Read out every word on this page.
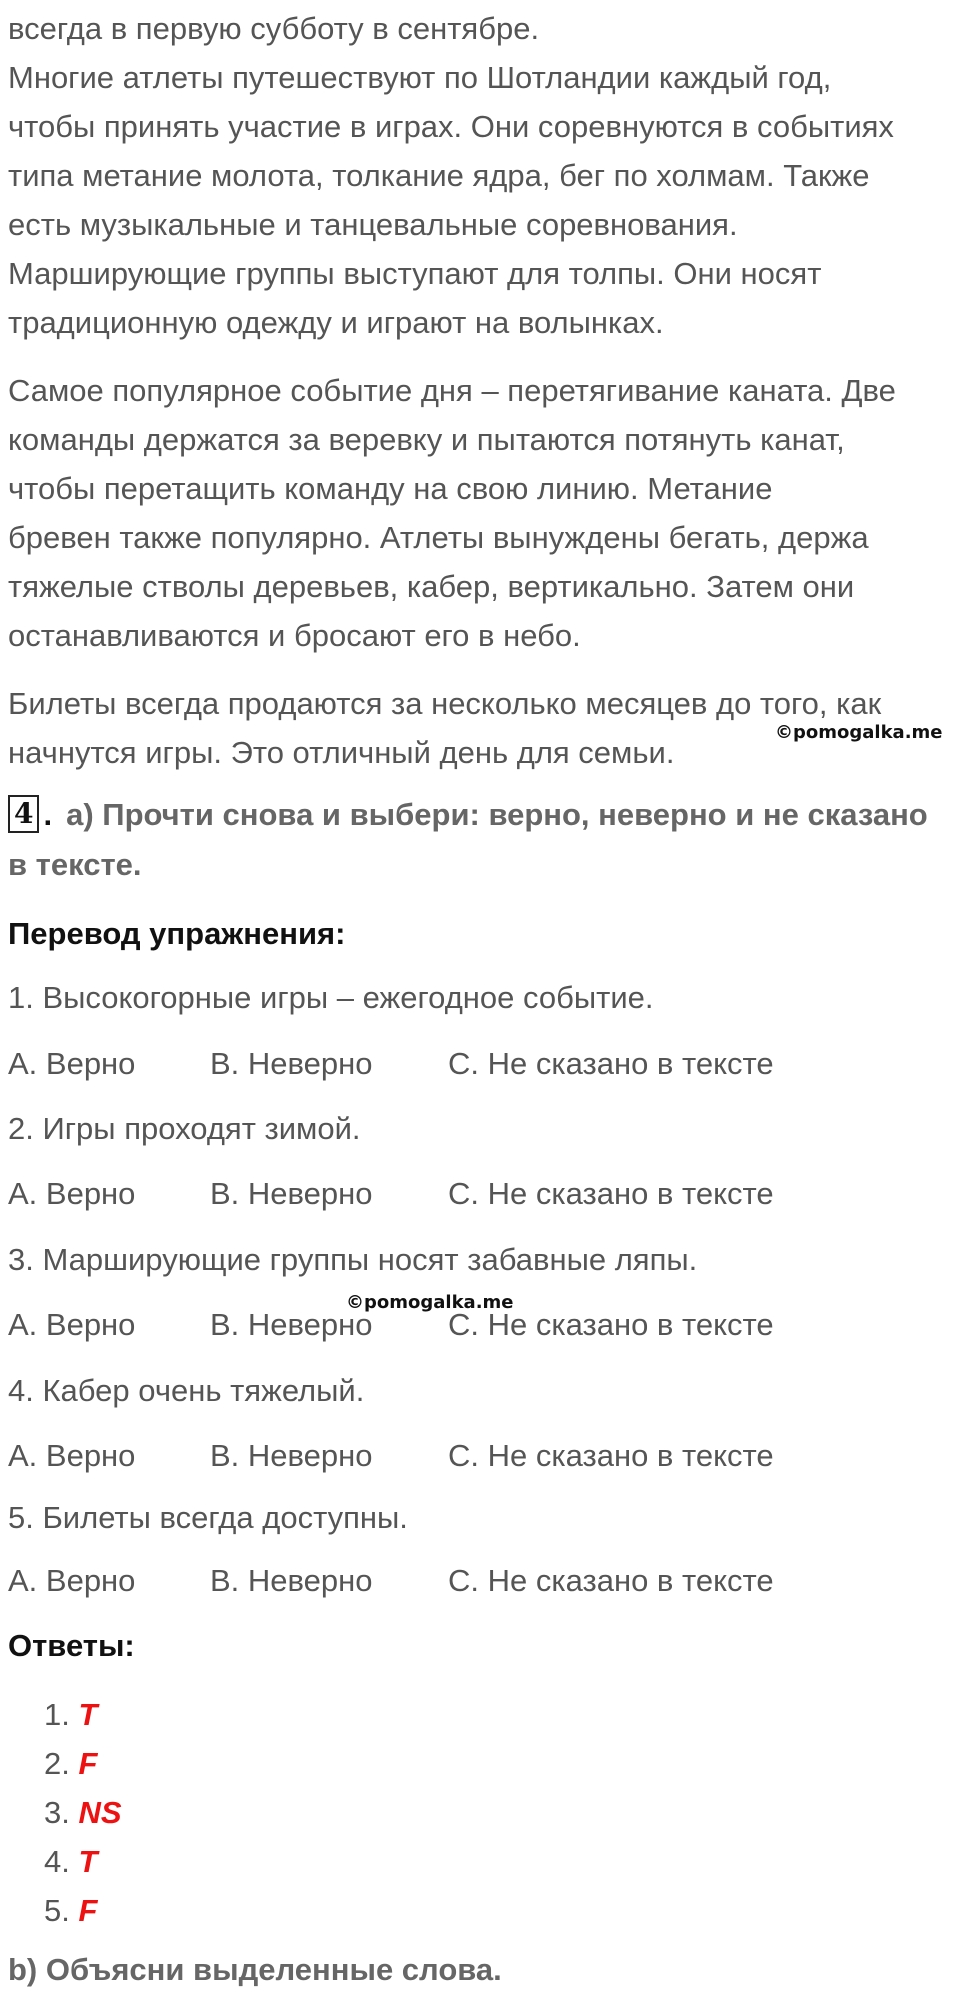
всегда в первую субботу в сентябре.
Многие атлеты путешествуют по Шотландии каждый год,
чтобы принять участие в играх. Они соревнуются в событиях
типа метание молота, толкание ядра, бег по холмам. Также
есть музыкальные и танцевальные соревнования.
Марширующие группы выступают для толпы. Они носят
традиционную одежду и играют на волынках.
Самое популярное событие дня – перетягивание каната. Две
команды держатся за веревку и пытаются потянуть канат,
чтобы перетащить команду на свою линию. Метание
бревен также популярно. Атлеты вынуждены бегать, держа
тяжелые стволы деревьев, кабер, вертикально. Затем они
останавливаются и бросают его в небо.
Билеты всегда продаются за несколько месяцев до того, как
начнутся игры. Это отличный день для семьи.
©pomogalka.me
©pomogalka.me
4 . a) Прочти снова и выбери: верно, неверно и не сказано
в тексте.
Перевод упражнения:
1. Высокогорные игры – ежегодное событие.
A. Верно B. Неверно C. Не сказано в тексте
2. Игры проходят зимой.
A. Верно B. Неверно C. Не сказано в тексте
3. Марширующие группы носят забавные ляпы.
A. Верно B. Неверно C. Не сказано в тексте
4. Кабер очень тяжелый.
A. Верно B. Неверно C. Не сказано в тексте
5. Билеты всегда доступны.
A. Верно B. Неверно C. Не сказано в тексте
Ответы:
1. T
2. F
3. NS
4. T
5. F
b) Объясни выделенные слова.
